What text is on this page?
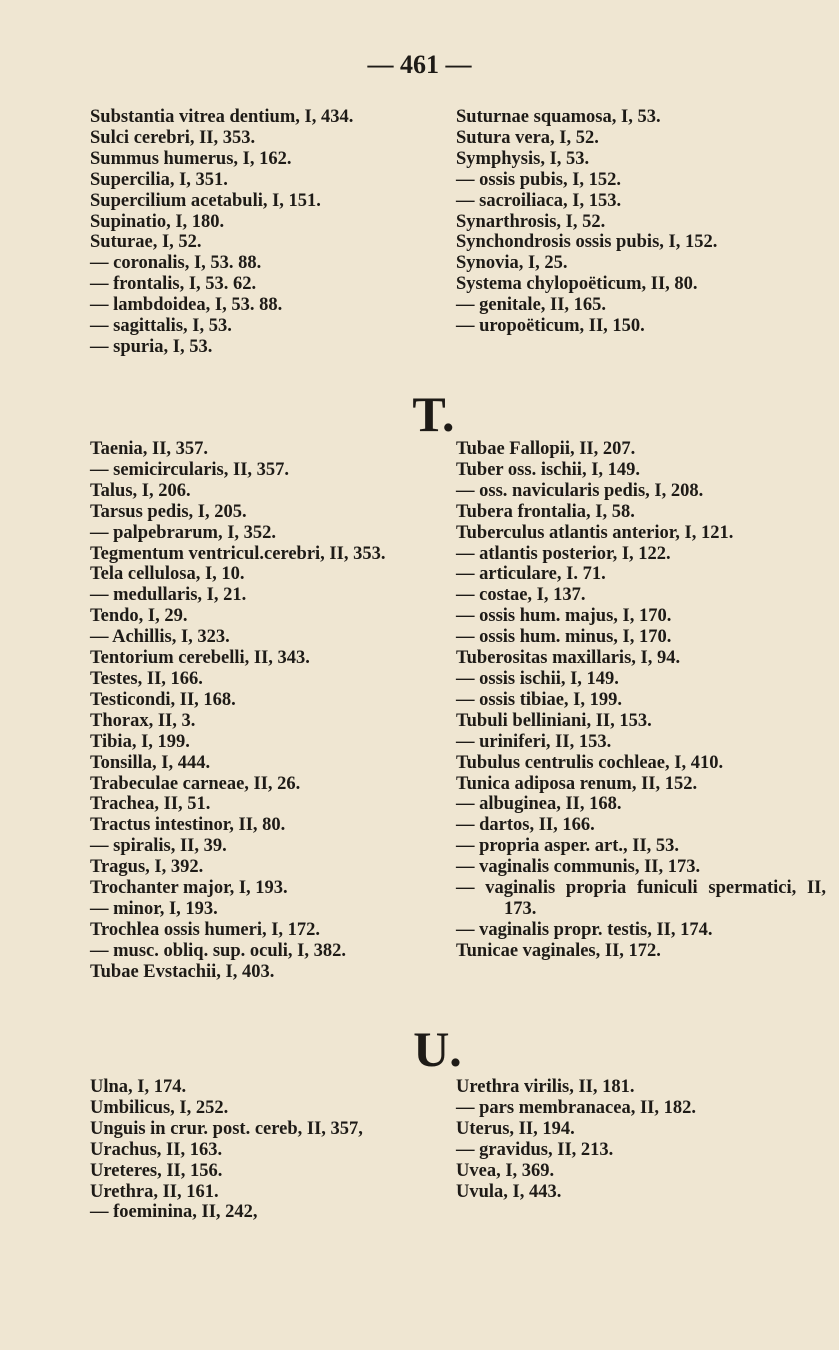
— 461 —
Substantia vitrea dentium, I, 434.
Sulci cerebri, II, 353.
Summus humerus, I, 162.
Supercilia, I, 351.
Supercilium acetabuli, I, 151.
Supinatio, I, 180.
Suturae, I, 52.
— coronalis, I, 53. 88.
— frontalis, I, 53. 62.
— lambdoidea, I, 53. 88.
— sagittalis, I, 53.
— spuria, I, 53.
Suturnae squamosa, I, 53.
Sutura vera, I, 52.
Symphysis, I, 53.
— ossis pubis, I, 152.
— sacroiliaca, I, 153.
Synarthrosis, I, 52.
Synchondrosis ossis pubis, I, 152.
Synovia, I, 25.
Systema chylopoëticum, II, 80.
— genitale, II, 165.
— uropoëticum, II, 150.
T.
Taenia, II, 357.
— semicircularis, II, 357.
Talus, I, 206.
Tarsus pedis, I, 205.
— palpebrarum, I, 352.
Tegmentum ventricul.cerebri, II, 353.
Tela cellulosa, I, 10.
— medullaris, I, 21.
Tendo, I, 29.
— Achillis, I, 323.
Tentorium cerebelli, II, 343.
Testes, II, 166.
Testicondi, II, 168.
Thorax, II, 3.
Tibia, I, 199.
Tonsilla, I, 444.
Trabeculae carneae, II, 26.
Trachea, II, 51.
Tractus intestinor, II, 80.
— spiralis, II, 39.
Tragus, I, 392.
Trochanter major, I, 193.
— minor, I, 193.
Trochlea ossis humeri, I, 172.
— musc. obliq. sup. oculi, I, 382.
Tubae Evstachii, I, 403.
Tubae Fallopii, II, 207.
Tuber oss. ischii, I, 149.
— oss. navicularis pedis, I, 208.
Tubera frontalia, I, 58.
Tuberculus atlantis anterior, I, 121.
— atlantis posterior, I, 122.
— articulare, I. 71.
— costae, I, 137.
— ossis hum. majus, I, 170.
— ossis hum. minus, I, 170.
Tuberositas maxillaris, I, 94.
— ossis ischii, I, 149.
— ossis tibiae, I, 199.
Tubuli belliniani, II, 153.
— uriniferi, II, 153.
Tubulus centrulis cochleae, I, 410.
Tunica adiposa renum, II, 152.
— albuginea, II, 168.
— dartos, II, 166.
— propria asper. art., II, 53.
— vaginalis communis, II, 173.
— vaginalis propria funiculi spermatici, II, 173.
— vaginalis propr. testis, II, 174.
Tunicae vaginales, II, 172.
U.
Ulna, I, 174.
Umbilicus, I, 252.
Unguis in crur. post. cereb, II, 357,
Urachus, II, 163.
Ureteres, II, 156.
Urethra, II, 161.
— foeminina, II, 242,
Urethra virilis, II, 181.
— pars membranacea, II, 182.
Uterus, II, 194.
— gravidus, II, 213.
Uvea, I, 369.
Uvula, I, 443.
